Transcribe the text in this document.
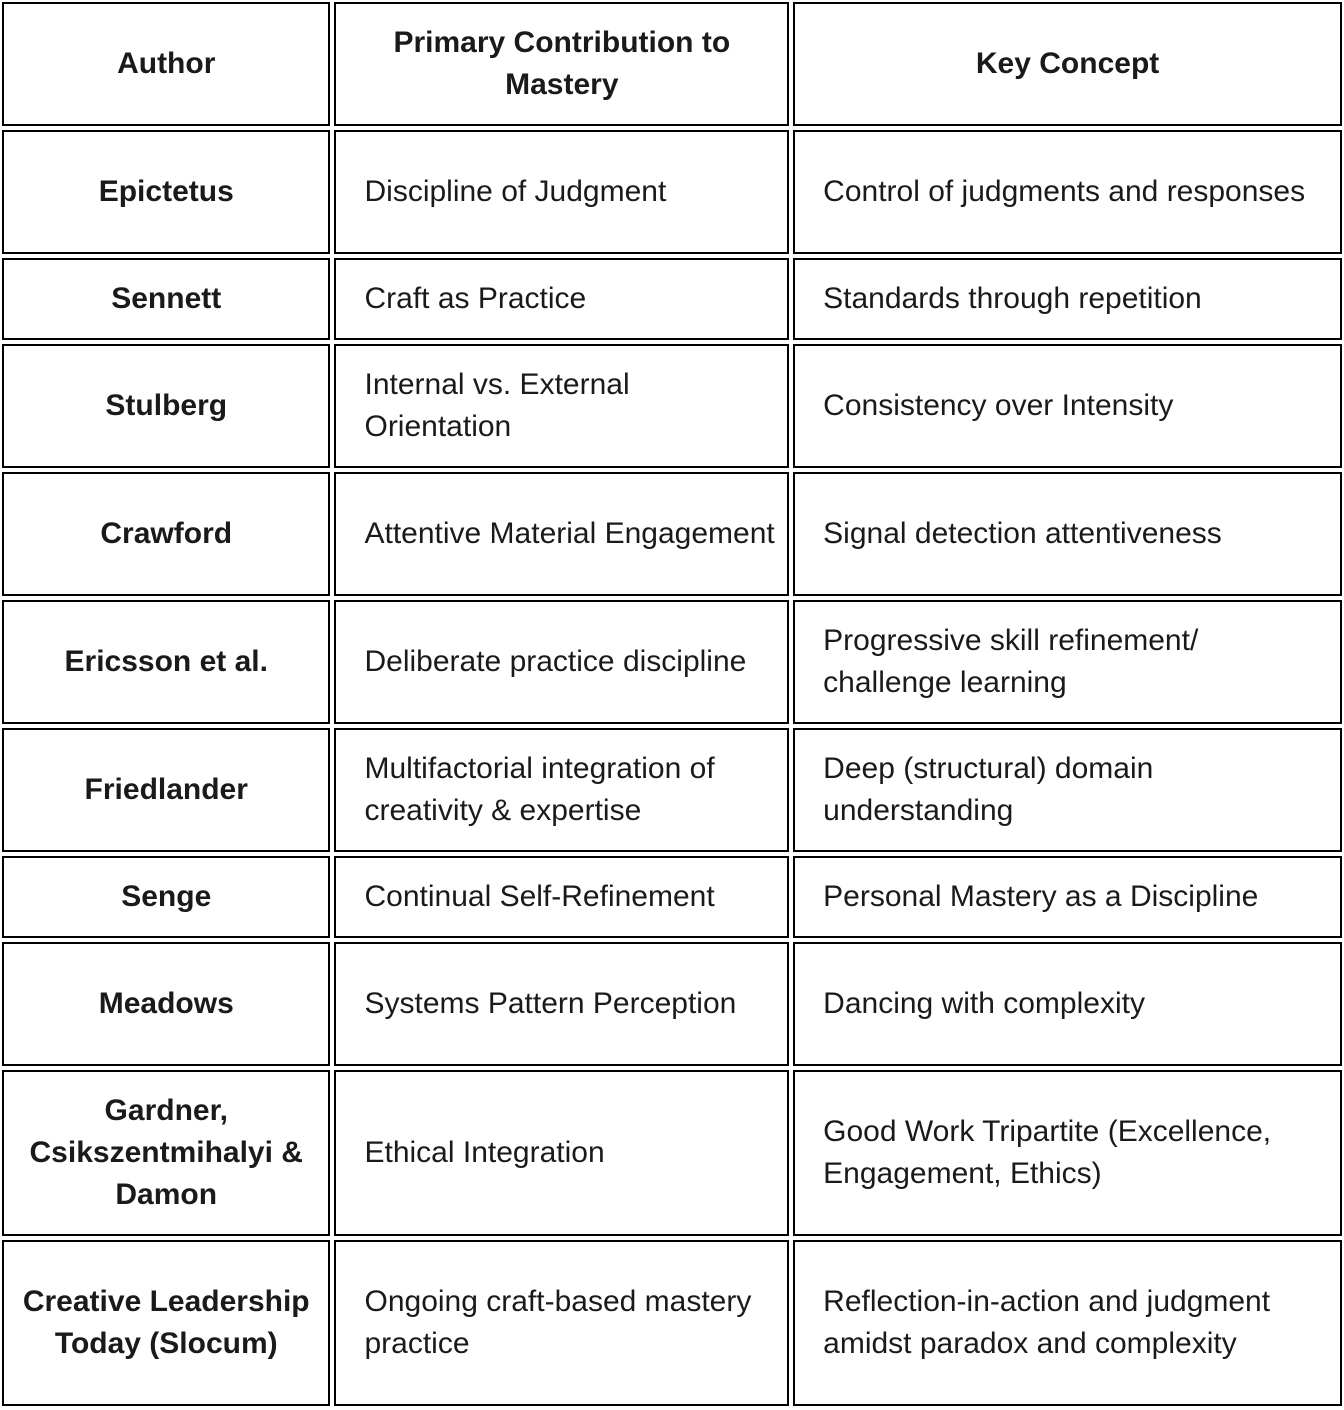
Author	Primary Contribution to Mastery	Key Concept
Epictetus	Discipline of Judgment	Control of judgments and responses
Sennett	Craft as Practice	Standards through repetition
Stulberg	Internal vs. External Orientation	Consistency over Intensity
Crawford	Attentive Material Engagement	Signal detection attentiveness
Ericsson et al.	Deliberate practice discipline	Progressive skill refinement/ challenge learning
Friedlander	Multifactorial integration of creativity & expertise	Deep (structural) domain understanding
Senge	Continual Self-Refinement	Personal Mastery as a Discipline
Meadows	Systems Pattern Perception	Dancing with complexity
Gardner, Csikszentmihalyi & Damon	Ethical Integration	Good Work Tripartite (Excellence, Engagement, Ethics)
Creative Leadership Today (Slocum)	Ongoing craft-based mastery practice	Reflection-in-action and judgment amidst paradox and complexity
